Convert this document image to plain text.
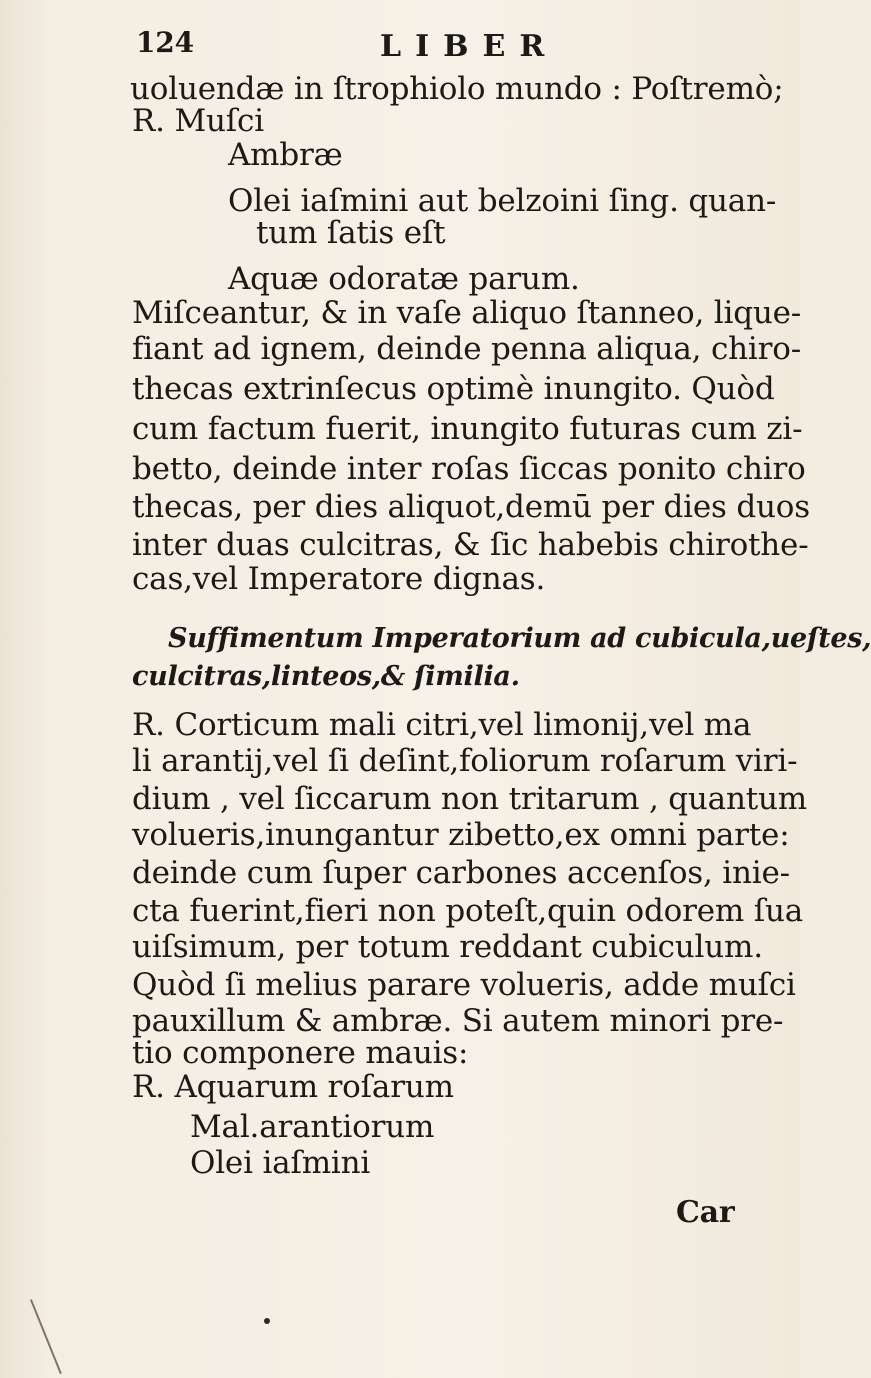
124	LIBER
uoluendæ in ſtrophiolo mundo : Poſtremò;
R. Muſci
Ambræ
Olei iaſmini aut belzoini ſing. quan-
tum ſatis eſt
Aquæ odoratæ parum.
Miſceantur, & in vaſe aliquo ſtanneo, lique-
fiant ad ignem, deinde penna aliqua, chiro-
thecas extrinſecus optimè inungito. Quòd
cum factum fuerit, inungito futuras cum zi-
betto, deinde inter roſas ſiccas ponito chiro
thecas, per dies aliquot,demū per dies duos
inter duas culcitras, & ſic habebis chirothe-
cas,vel Imperatore dignas.
Suffimentum Imperatorium ad cubicula,ueſtes,
culcitras,linteos,& ſimilia.
R. Corticum mali citri,vel limonij,vel ma
li arantij,vel ſi deſint,foliorum roſarum viri-
dium , vel ſiccarum non tritarum , quantum
volueris,inungantur zibetto,ex omni parte:
deinde cum ſuper carbones accenſos, inie-
cta fuerint,fieri non poteſt,quin odorem ſua
uiſsimum, per totum reddant cubiculum.
Quòd ſi melius parare volueris, adde muſci
pauxillum & ambræ. Si autem minori pre-
tio componere mauis:
R. Aquarum roſarum
Mal.arantiorum
Olei iaſmini
Car
